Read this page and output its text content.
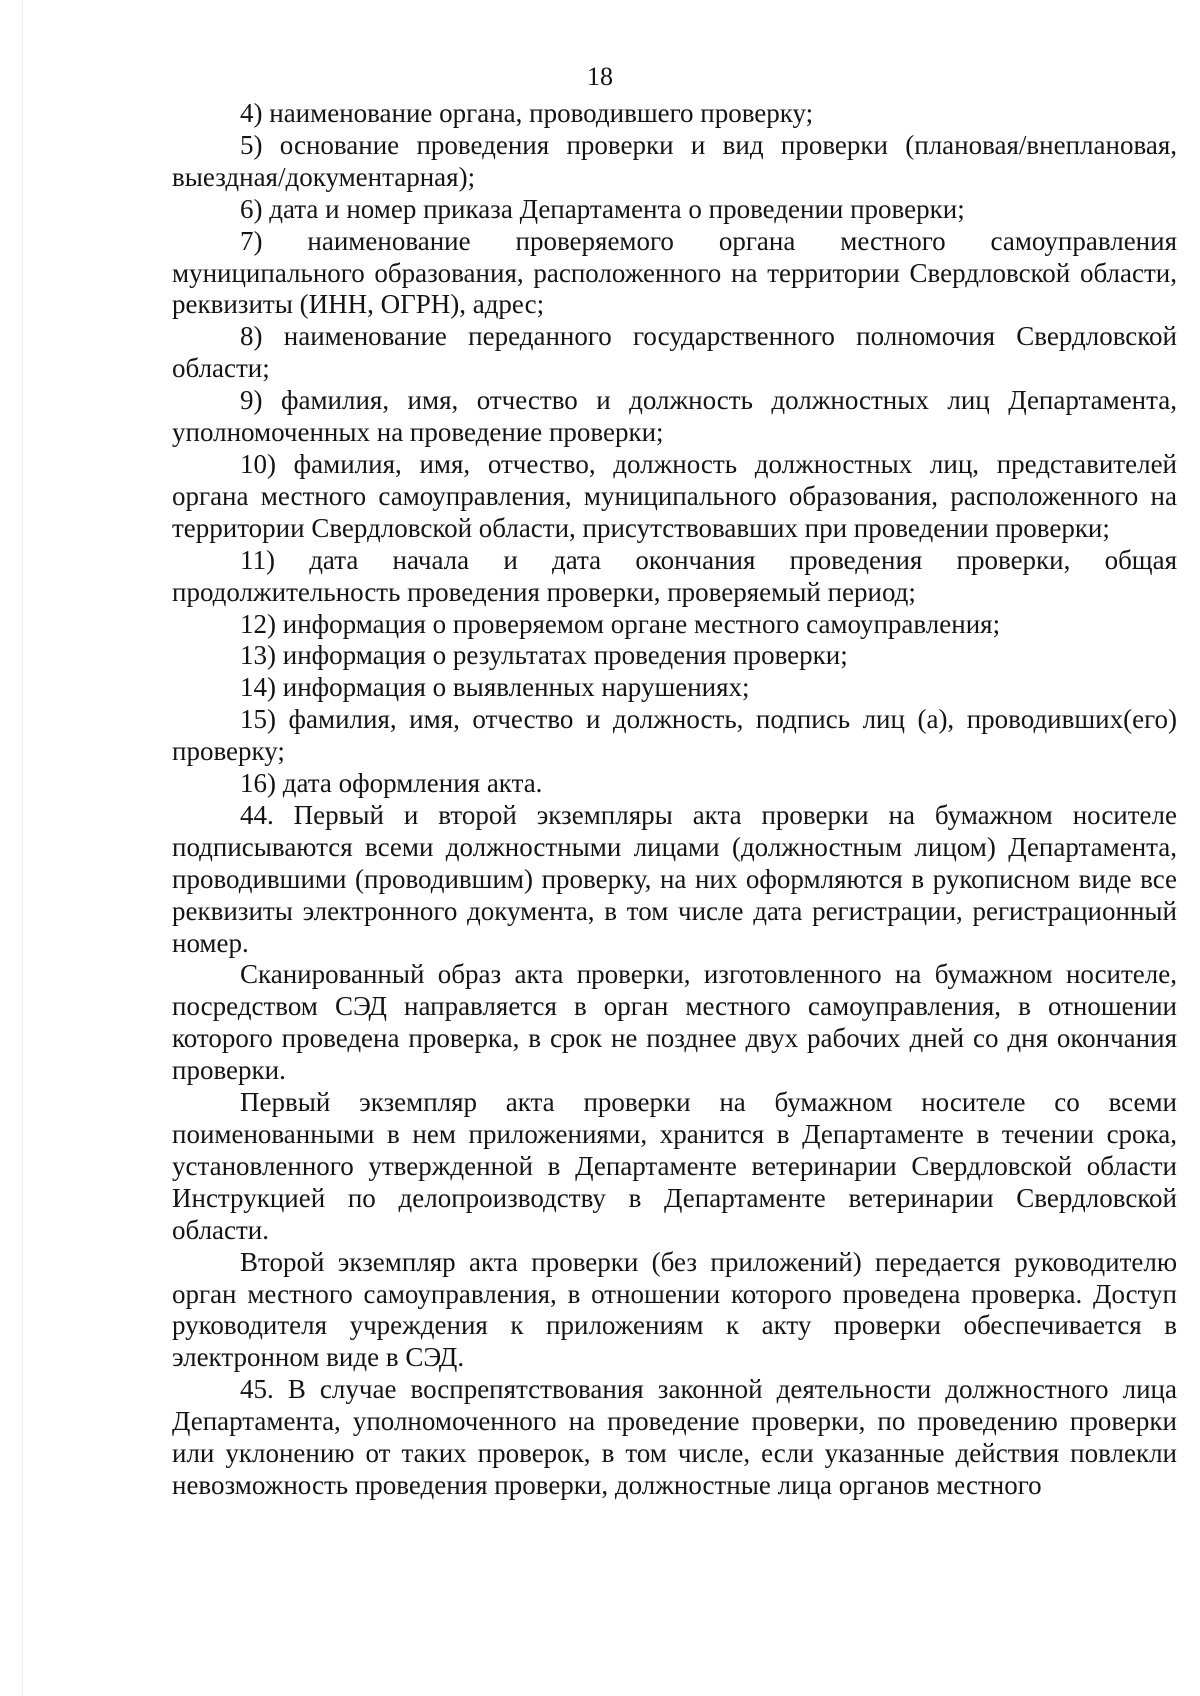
18

4) наименование органа, проводившего проверку;

5) основание проведения проверки и вид проверки (плановая/внеплановая, выездная/документарная);

6) дата и номер приказа Департамента о проведении проверки;

7) наименование проверяемого органа местного самоуправления муниципального образования, расположенного на территории Свердловской области, реквизиты (ИНН, ОГРН), адрес;

8) наименование переданного государственного полномочия Свердловской области;

9) фамилия, имя, отчество и должность должностных лиц Департамента, уполномоченных на проведение проверки;

10) фамилия, имя, отчество, должность должностных лиц, представителей органа местного самоуправления, муниципального образования, расположенного на территории Свердловской области, присутствовавших при проведении проверки;

11) дата начала и дата окончания проведения проверки, общая продолжительность проведения проверки, проверяемый период;

12) информация о проверяемом органе местного самоуправления;

13) информация о результатах проведения проверки;

14) информация о выявленных нарушениях;

15) фамилия, имя, отчество и должность, подпись лиц (а), проводивших(его) проверку;

16) дата оформления акта.

44. Первый и второй экземпляры акта проверки на бумажном носителе подписываются всеми должностными лицами (должностным лицом) Департамента, проводившими (проводившим) проверку, на них оформляются в рукописном виде все реквизиты электронного документа, в том числе дата регистрации, регистрационный номер.

Сканированный образ акта проверки, изготовленного на бумажном носителе, посредством СЭД направляется в орган местного самоуправления, в отношении которого проведена проверка, в срок не позднее двух рабочих дней со дня окончания проверки.

Первый экземпляр акта проверки на бумажном носителе со всеми поименованными в нем приложениями, хранится в Департаменте в течении срока, установленного утвержденной в Департаменте ветеринарии Свердловской области Инструкцией по делопроизводству в Департаменте ветеринарии Свердловской области.

Второй экземпляр акта проверки (без приложений) передается руководителю орган местного самоуправления, в отношении которого проведена проверка. Доступ руководителя учреждения к приложениям к акту проверки обеспечивается в электронном виде в СЭД.

45. В случае воспрепятствования законной деятельности должностного лица Департамента, уполномоченного на проведение проверки, по проведению проверки или уклонению от таких проверок, в том числе, если указанные действия повлекли невозможность проведения проверки, должностные лица органов местного
